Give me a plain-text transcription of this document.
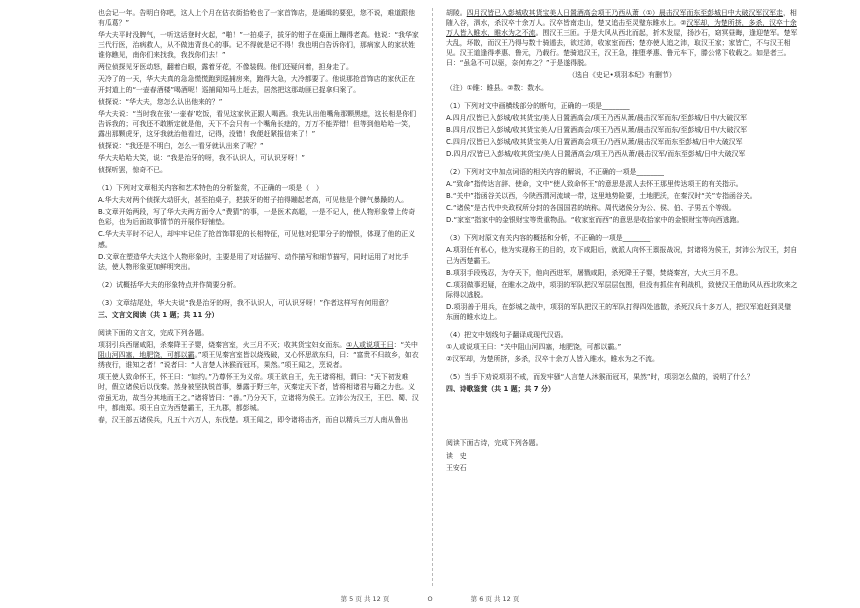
也会记一年。告明白你吧，这人上个月在估衣街拾枪也了一家首饰店，是通缉的要犯，您不说，难道跟他有瓜葛？”

华大夫平时没脾气，一听这话登时火起，“啪！”一拍桌子，拔牙的钳子在桌面上蹦得老高。他说：“我华家三代行医，治病救人，从不做违背良心的事。记不得就是记不得！我也明白告诉你们，那病家人的家状姓谁你瞧见，南你们来找我，我找你们去！”

两位侦探见牙医动怒，翻着白眼，露着牙花，不像装假。他们还疑问着，担身走了。

天冷了的一天，华大夫真的急急慌慌跑到巡捕房来，跑得大急，大冷都要了。他说那抢首饰店的家伙正在开封道上的“一壶春酒楼”喝酒呢！巡捕闻知马上赶去，居然把这那劫匪已捉拿归案了。

侦探说：“华大夫，您怎么认出他来的？”

华大夫说：“当时我在张‘一壶春’吃饭，看见这家伙正跟人喝酒。我先认出他嘴角那颗黑痣，这长相是你们告诉我的；可我还不敢断定就是他，天下不会只有一个嘴角长痣的，万万不能弄错！但等到他哈哈一笑，露出那颗虎牙，这牙我就治他看过，记得，没错！我便赶紧报信来了！”

侦探说：“我还是不明白，怎么一看牙就认出来了呢？”

华大夫哈哈大笑，说：“我是治牙的呀，我不认识人，可认识牙呀！”

侦探听罢，惊奇不已。

（1）下列对文章相关内容和艺术特色的分析鉴赏，不正确的一项是（　）

A.华大夫对两个侦探大动肝火，甚至拍桌子，把拔牙的钳子拍得蹦起老高，可见他是个脾气暴躁的人。

B.文章开始两段，写了华大夫两方面令人“费猜”的事，一是医术高超，一是不记人，使人物形象带上传奇色彩，也为后面故事情节的开展作好铺垫。

C.华大夫平时不记人，却牢牢记住了抢首饰罪犯的长相特征，可见他对犯罪分子的憎恨，体现了他的正义感。

D.文章在塑造华大夫这个人物形象时，主要是用了对话描写、动作描写和细节描写，同时运用了对比手法，使人物形象更加鲜明突出。

（2）试概括华大夫的形象特点并作简要分析。

（3）文章结尾处，华大夫说“我是治牙的呀，我不认识人，可认识牙呀！”作者这样写有何用意？

三、文言文阅读（共 1 题；共 11 分）

阅读下面的文言文，完成下列各题。

项羽引兵西屠咸阳，杀秦降王子婴，烧秦宫室，火三月不灭；收其货宝妇女而东。①人或说项王曰：“关中阻山河四塞，地肥饶，可都以霸。”项王见秦宫室皆以烧残破，又心怀思欲东归，曰：“富贵不归故乡，如衣绣夜行，谁知之者！”说者曰：“人言楚人沐猴而冠耳，果然。”项王闻之，烹说者。

项王使人致命怀王，怀王曰：“如约。”乃尊怀王为义帝。项王欲自王，先王诸将相，谓曰：“天下初发难时，假立诸侯后以伐秦。然身被坚执锐首事，暴露于野三年，灭秦定天下者，皆将相诸君与籍之力也。义帝虽无功，故当分其地而王之。”诸将皆曰：“善。”乃分天下，立诸将为侯王。立沛公为汉王，王巴、蜀、汉中，都南郑。项王自立为西楚霸王，王九郡，都彭城。

春，汉王部五诸侯兵，凡五十六万人，东伐楚。项王闻之，即令诸将击齐，而自以精兵三万人南从鲁出

胡陵。四月汉皆已入彭城收其货宝美人日置酒高会项王乃西从萧（①）晨击汉军而东至彭城日中大破汉军汉军走，相随入谷，泗水，杀汉卒十余万人。汉卒皆南走山，楚又追击至灵璧东睢水上。②汉军却，为楚所挤，多杀，汉卒十余万人皆入睢水，睢水为之不流。围汉王三匝。于是大风从西北而起，折木发屋，扬沙石，窈冥昼晦，逢迎楚军。楚军大乱，坏散，而汉王乃得与数十骑遁去，欲过沛，收家室而西；楚亦使人追之沛，取汉王家；家皆亡，不与汉王相见。汉王道逢得孝惠、鲁元，乃载行。楚骑追汉王，汉王急，推堕孝惠、鲁元车下，滕公常下收载之。如是者三。曰：“虽急不可以驱，奈何弃之？”于是遂得脱。

（选自《史记•项羽本纪》有删节）

（注）①睢：睢县。②数：数水。

（1）下列对文中画横线部分的断句，正确的一项是________

A.四月/汉皆已入彭城/收其货宝/美人日置酒高会/项王乃西从萧/晨击汉军而东/至彭城/日中/大破汉军

B.四月/汉皆已入彭城/收其货宝美人/日置酒高会/项王乃西从萧/晨击汉军而东/至彭城/日中/大破汉军

C.四月/汉皆已入彭城/收其货宝美人/日置酒高会项王/乃西从萧/晨击汉军而东至彭城/日中大破汉军

D.四月/汉皆已入彭城/收其货宝/美人日置酒高会/项王乃西从萧/晨击汉军/而东至彭城/日中大破汉军

（2）下列对文中加点词语的相关内容的解说，不正确的一项是________

A.“致命”指传达言辞、使命，文中“使人致命怀王”的意思是派人去怀王那里传达项王的有关指示。

B.“关中”指函谷关以西，今陕西渭河流域一带，这里地势险要，土地肥沃，在秦汉时“关”专指函谷关。

C.“诸侯”是古代中央政权所分封的各国国君的统称。周代诸侯分为公、侯、伯、子男五个等级。

D.“家室”指家中的金银财宝等贵重物品。“收家室而西”的意思是收拾家中的金银财宝等向西逃跑。

（3）下列对原文有关内容的概括和分析，不正确的一项是________

A.项羽任有私心，他为实现称王的目的，攻下咸阳后，就派人向怀王禀报战况，封诸将为侯王，封沛公为汉王，封自己为西楚霸王。

B.项羽手段残忍，为夺天下，他向西进军，屠戮咸阳，杀死降王子婴，焚烧秦宫，大火三月不息。

C.项羽做事迟疑，在睢水之战中，项羽的军队把汉军层层包围，但没有抓住有利战机，致使汉王借助风从西北吹来之际得以逃脱。

D.项羽善于用兵，在彭城之战中，项羽的军队把汉王的军队打得四处逃散，杀死汉兵十多万人，把汉军追赶到灵璧东面的睢水边上。

（4）把文中划线句子翻译成现代汉语。

①人或说项王曰：“关中阻山河四塞，地肥饶，可都以霸。”

②汉军却，为楚所挤，多杀，汉卒十余万人皆入睢水，睢水为之不流。

（5）当手下劝说项羽不戒，而发牢骚“人言楚人沐猴而冠耳，果然”时，项羽怎么做的，说明了什么？

四、诗歌鉴赏（共 1 题；共 7 分）

阅读下面古诗，完成下列各题。

读　史

王安石

第 5 页 共 12 页	O	第 6 页 共 12 页
